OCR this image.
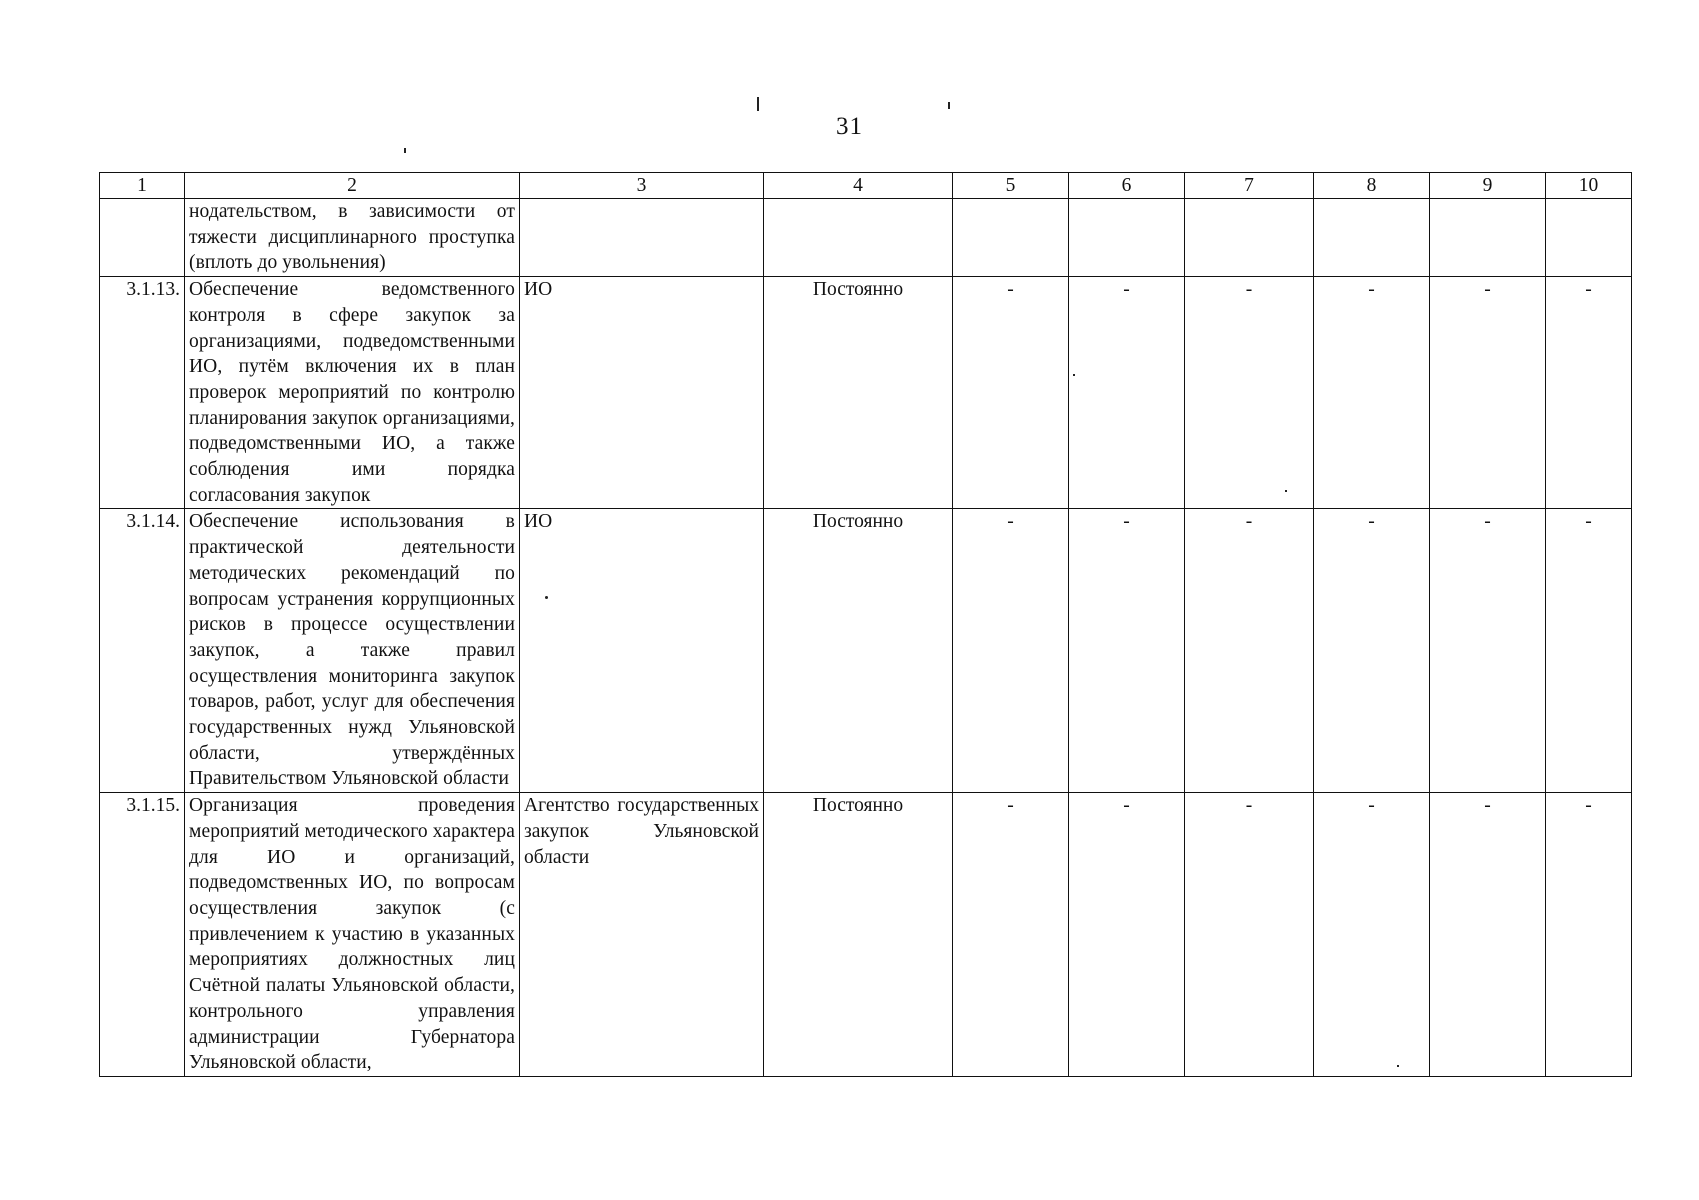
31
1	2	3	4	5	6	7	8	9	10
	нодательством, в зависимости от тяжести дисциплинарного проступка (вплоть до увольнения)								
3.1.13.	Обеспечение ведомственного контроля в сфере закупок за организациями, подведомственными ИО, путём включения их в план проверок мероприятий по контролю планирования закупок организациями, подведомственными ИО, а также соблюдения ими порядка согласования закупок	ИО	Постоянно	-	-	-	-	-	-
3.1.14.	Обеспечение использования в практической деятельности методических рекомендаций по вопросам устранения коррупционных рисков в процессе осуществлении закупок, а также правил осуществления мониторинга закупок товаров, работ, услуг для обеспечения государственных нужд Ульяновской области, утверждённых Правительством Ульяновской области	ИО	Постоянно	-	-	-	-	-	-
3.1.15.	Организация проведения мероприятий методического характера для ИО и организаций, подведомственных ИО, по вопросам осуществления закупок (с привлечением к участию в указанных мероприятиях должностных лиц Счётной палаты Ульяновской области, контрольного управления администрации Губернатора Ульяновской области,	Агентство государственных закупок Ульяновской области	Постоянно	-	-	-	-	-	-
